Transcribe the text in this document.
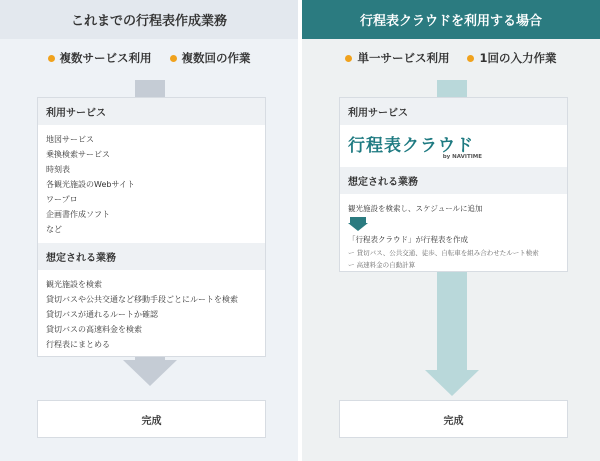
これまでの行程表作成業務
複数サービス利用	複数回の作業
利用サービス
地図サービス
乗換検索サービス
時刻表
各観光施設のWebサイト
ワープロ
企画書作成ソフト
など
想定される業務
観光施設を検索
貸切バスや公共交通など移動手段ごとにルートを検索
貸切バスが通れるルートか確認
貸切バスの高速料金を検索
行程表にまとめる
完成
行程表クラウドを利用する場合
単一サービス利用	1回の入力作業
利用サービス
行程表クラウド
by NAVITIME
想定される業務
観光施設を検索し、スケジュールに追加
「行程表クラウド」が行程表を作成
ー 貸切バス、公共交通、徒歩、自転車を組み合わせたルート検索
ー 高速料金の自動計算
完成
